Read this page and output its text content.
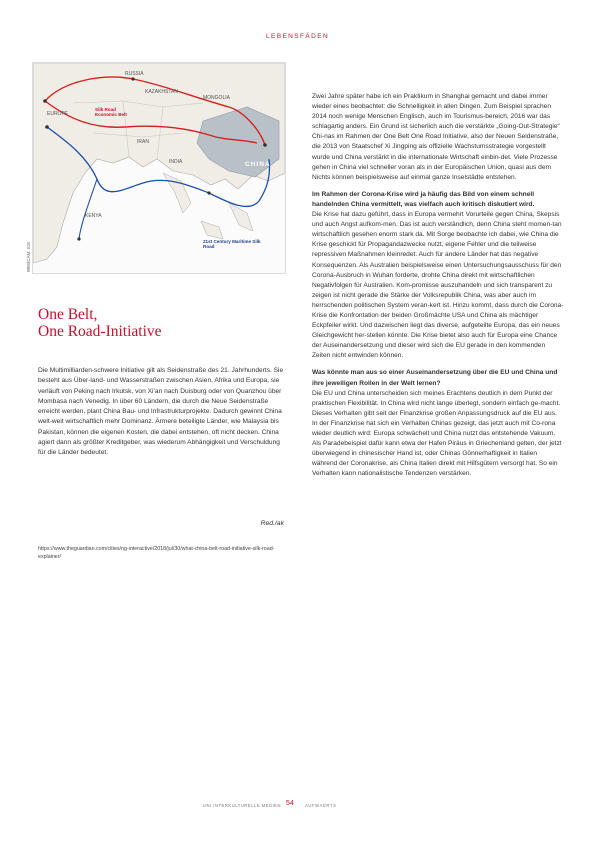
LEBENSFÄDEN
RUSSIA
KAZAKHSTAN
MONGOLIA
Silk Road Economic Belt
CHINA
INDIA
IRAN
KENYA
EUROPE
21st Century Maritime Silk Road
WEBCAM: ICE
One Belt,
One Road-Initiative

Die Multimilliarden-schwere Initiative gilt als Seidenstraße des 21. Jahrhunderts. Sie besteht aus Über-land- und Wasserstraßen zwischen Asien, Afrika und Europa, sie verläuft von Peking nach Irkutsk, von Xi’an nach Duisburg oder von Quanzhou über Mombasa nach Venedig. In über 60 Ländern, die durch die Neue Seidenstraße erreicht werden, plant China Bau- und Infrastrukturprojekte. Dadurch gewinnt China welt-weit wirtschaftlich mehr Dominanz. Ärmere beteiligte Länder, wie Malaysia bis Pakistan, können die eigenen Kosten, die dabei entstehen, oft nicht decken. China agiert dann als größter Kreditgeber, was wiederum Abhängigkeit und Verschuldung für die Länder bedeutet.

Red./ak
https://www.theguardian.com/cities/ng-interactive/2018/jul/30/what-china-belt-road-initiative-silk-road-explainer/

Zwei Jahre später habe ich ein Praktikum in Shanghai gemacht und dabei immer wieder eines beobachtet: die Schnelligkeit in allen Dingen. Zum Beispiel sprachen 2014 noch wenige Menschen Englisch, auch im Tourismus-bereich, 2016 war das schlagartig anders. Ein Grund ist sicherlich auch die verstärkte „Going-Out-Strategie“ Chi-nas im Rahmen der One Belt One Road Initiative, also der Neuen Seidenstraße, die 2013 von Staatschef Xi Jingping als offizielle Wachstumsstrategie vorgestellt wurde und China verstärkt in die internationale Wirtschaft einbin-det. Viele Prozesse gehen in China viel schneller voran als in der Europäischen Union, quasi aus dem Nichts können beispielsweise auf einmal ganze Inselstädte entstehen.

Im Rahmen der Corona-Krise wird ja häufig das Bild von einem schnell handelnden China vermittelt, was vielfach auch kritisch diskutiert wird.

Die Krise hat dazu geführt, dass in Europa vermehrt Vorurteile gegen China, Skepsis und auch Angst aufkom-men. Das ist auch verständlich, denn China steht momen-tan wirtschaftlich gesehen enorm stark da. Mit Sorge beobachte ich dabei, wie China die Krise geschickt für Propagandazwecke nutzt, eigene Fehler und die teilweise repressiven Maßnahmen kleinredet. Auch für andere Länder hat das negative Konsequenzen. Als Australien beispielsweise einen Untersuchungsausschuss für den Corona-Ausbruch in Wuhan forderte, drohte China direkt mit wirtschaftlichen Negativfolgen für Australien. Kom-promisse auszuhandeln und sich transparent zu zeigen ist nicht gerade die Stärke der Volksrepublik China, was aber auch im herrschenden politischen System veran-kert ist. Hinzu kommt, dass durch die Corona-Krise die Konfrontation der beiden Großmächte USA und China als mächtiger Eckpfeiler wirkt. Und dazwischen liegt das diverse, aufgeteilte Europa, das ein neues Gleichgewicht her-stellen könnte. Die Krise bietet also auch für Europa eine Chance der Auseinandersetzung und dieser wird sich die EU gerade in den kommenden Zeiten nicht entwinden können.

Was könnte man aus so einer Auseinandersetzung über die EU und China und ihre jeweiligen Rollen in der Welt lernen?

Die EU und China unterscheiden sich meines Erachtens deutlich in dem Punkt der praktischen Flexibilität. In China wird nicht lange überlegt, sondern einfach ge-macht. Dieses Verhalten gibt seit der Finanzkrise großen Anpassungsdruck auf die EU aus. In der Finanzkrise hat sich ein Verhalten Chinas gezeigt, das jetzt auch mit Co-rona wieder deutlich wird: Europa schwächelt und China nutzt das entstehende Vakuum. Als Paradebeispiel dafür kann etwa der Hafen Piräus in Griechenland gelten, der jetzt überwiegend in chinesischer Hand ist, oder Chinas Gönnerhaftigkeit in Italien während der Coronakrise, als China Italien direkt mit Hilfsgütern versorgt hat. So ein Verhalten kann nationalistische Tendenzen verstärken.

UNI INTERKULTURELLE MEDIEN 54	AUFWAERTS
